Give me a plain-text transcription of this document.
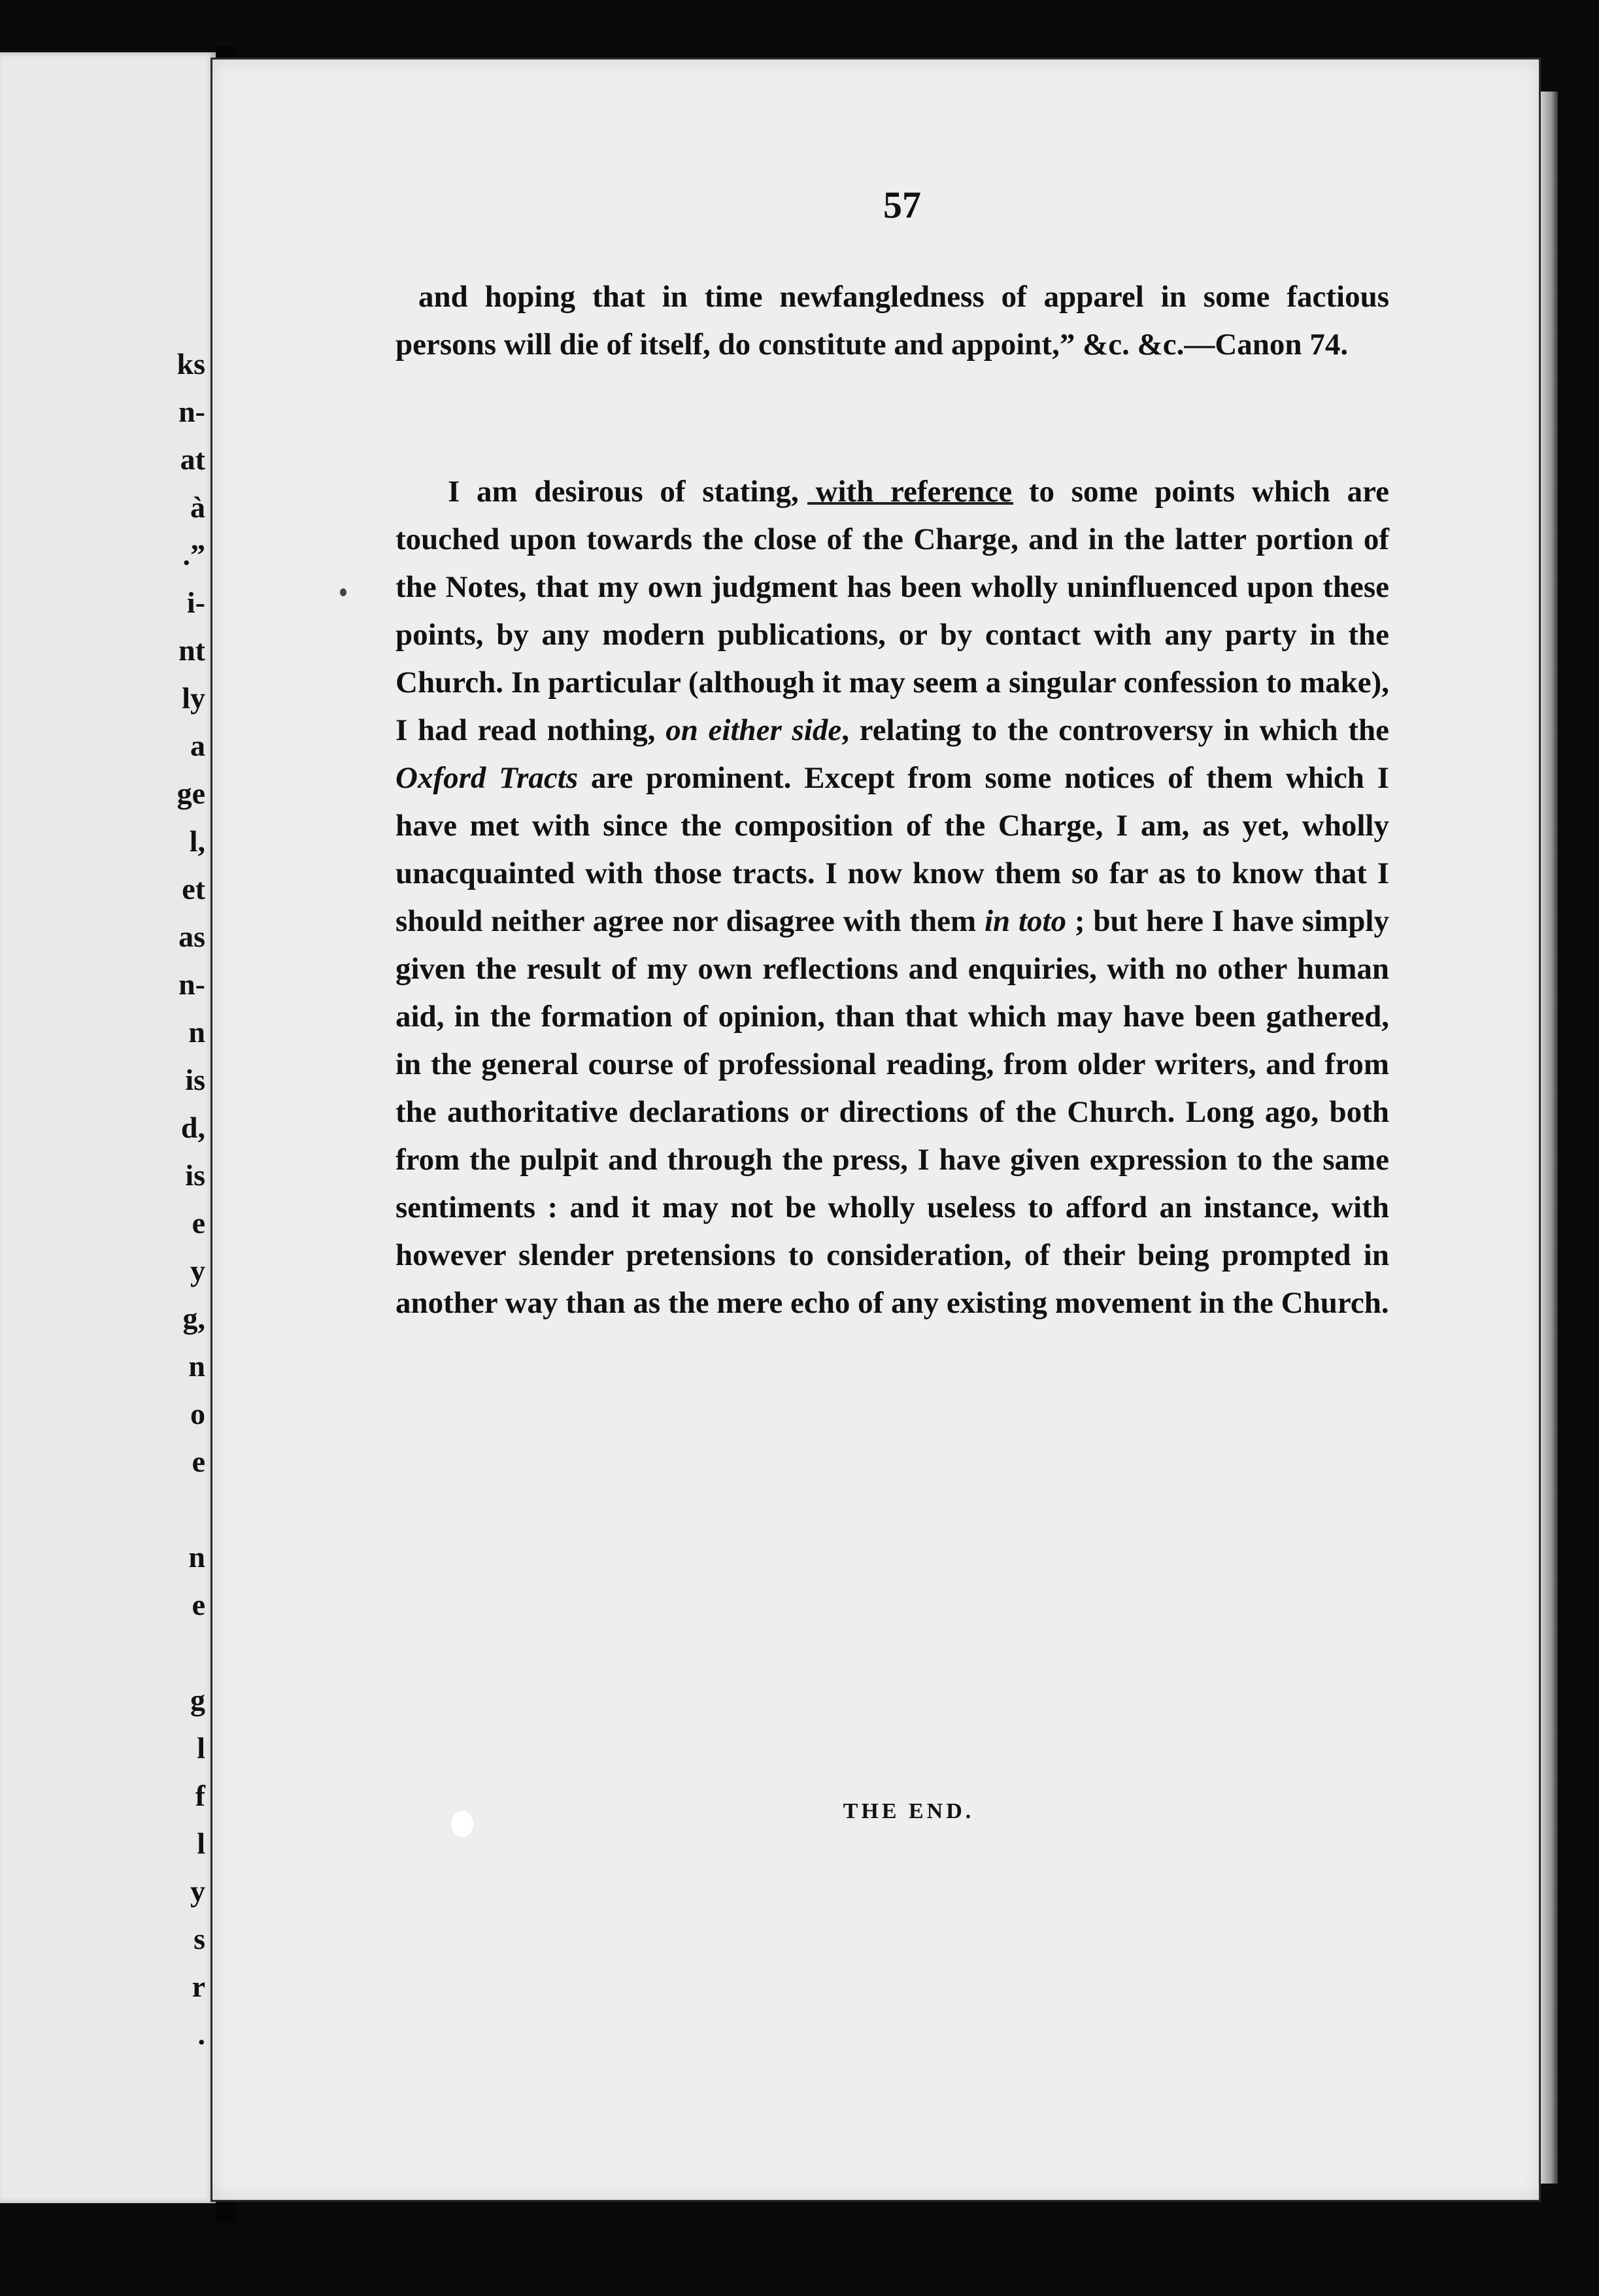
ks
n-
at
à
.”
i-
nt
ly
a
ge
l,
et
as
n-
n
is
d,
is
e
y
g,
n
o
e

n
e

g
l
f
l
y
s
r
.
57

and hoping that in time newfangledness of apparel in some factious persons will die of itself, do constitute and appoint,” &c. &c.—Canon 74.

I am desirous of stating, with reference to some points which are touched upon towards the close of the Charge, and in the latter portion of the Notes, that my own judgment has been wholly uninfluenced upon these points, by any modern publications, or by contact with any party in the Church. In particular (although it may seem a singular confession to make), I had read nothing, on either side, relating to the controversy in which the Oxford Tracts are prominent. Except from some notices of them which I have met with since the composition of the Charge, I am, as yet, wholly unacquainted with those tracts. I now know them so far as to know that I should neither agree nor disagree with them in toto ; but here I have simply given the result of my own reflections and enquiries, with no other human aid, in the formation of opinion, than that which may have been gathered, in the general course of professional reading, from older writers, and from the authoritative declarations or directions of the Church. Long ago, both from the pulpit and through the press, I have given expression to the same sentiments : and it may not be wholly useless to afford an instance, with however slender pretensions to consideration, of their being prompted in another way than as the mere echo of any existing movement in the Church.

THE END.
